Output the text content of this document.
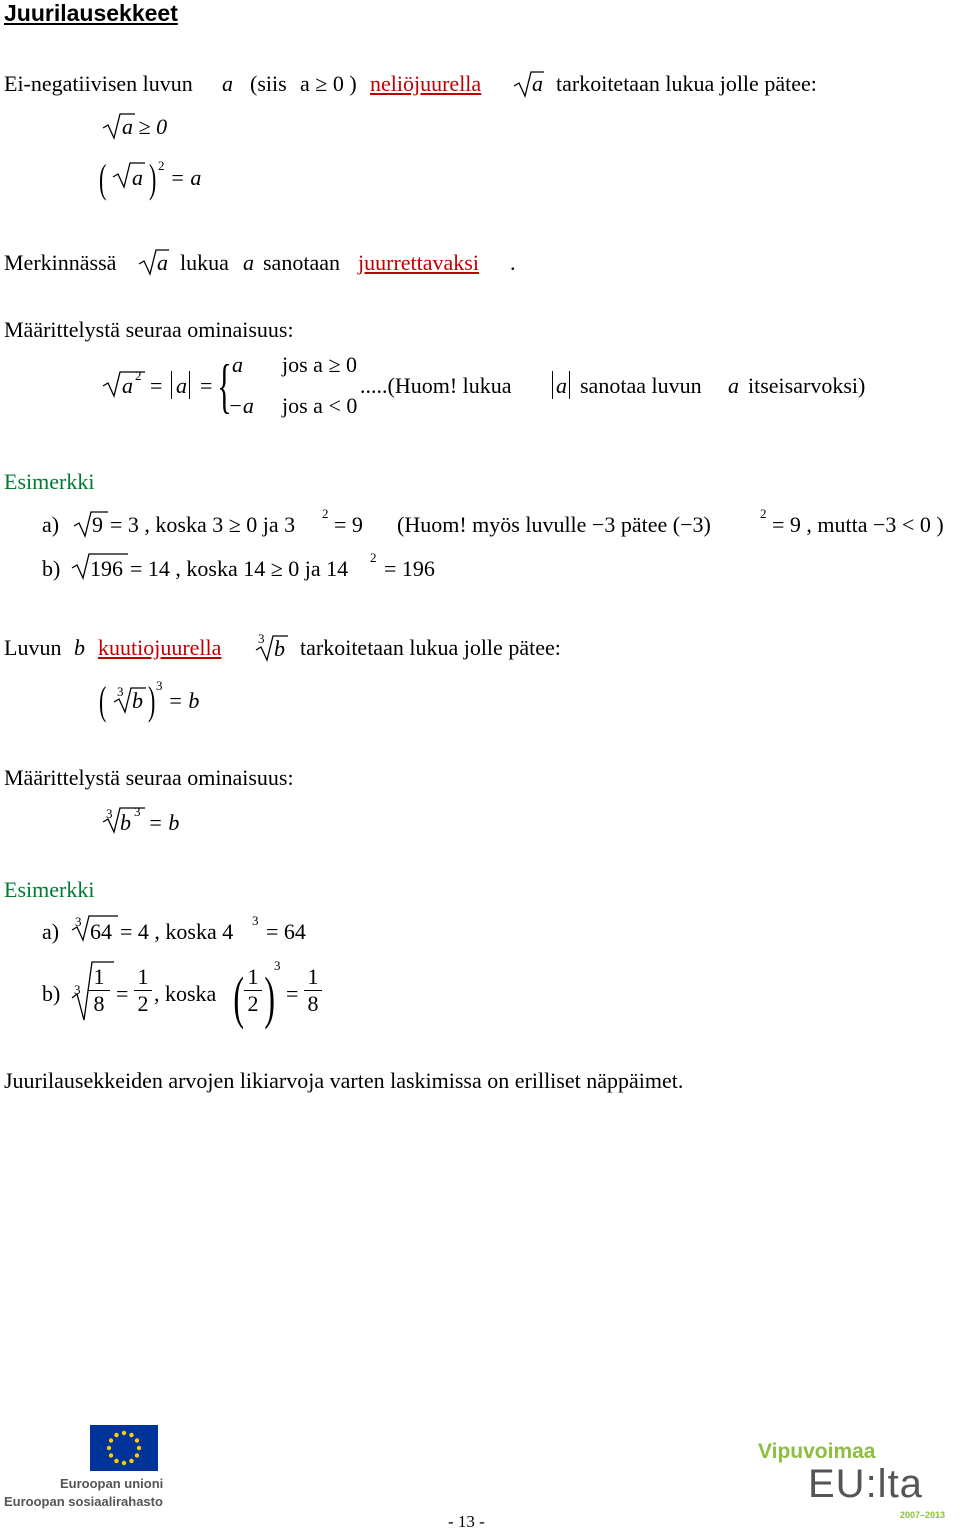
Juurilausekkeet
Ei-negatiivisen luvun a (siis a ≥ 0 ) neliöjuurella a tarkoitetaan lukua jolle pätee:
a ≥ 0
( a ) 2 = a
Merkinnässä a lukua a sanotaan juurrettavaksi .
Määrittelystä seuraa ominaisuus:
a 2 = a = { a jos a ≥ 0
−a jos a < 0
.....(Huom! lukua a sanotaa luvun a itseisarvoksi)
Esimerkki
a) 9 = 3 , koska 3 ≥ 0 ja 3 2 = 9 (Huom! myös luvulle −3 pätee (−3)	2 = 9 , mutta −3 < 0 )
b) 196 = 14 , koska 14 ≥ 0 ja 14 2 = 196
Luvun b kuutiojuurella	3 b tarkoitetaan lukua jolle pätee:
( 3 b ) 3
= b
Määrittelystä seuraa ominaisuus:
3 b 3 = b
Esimerkki
a) 3 64 = 4 , koska 4 3 = 64
b) $3 \frac{1}{8} = \frac{1}{2}$ , koska ( $\frac{1}{2}$ ) 3
= $\frac{1}{8}$
Juurilausekkeiden arvojen likiarvoja varten laskimissa on erilliset näppäimet.
Euroopan unioni
Euroopan sosiaalirahasto
- 13 -
Vipuvoimaa
EU:lta
2007–2013
